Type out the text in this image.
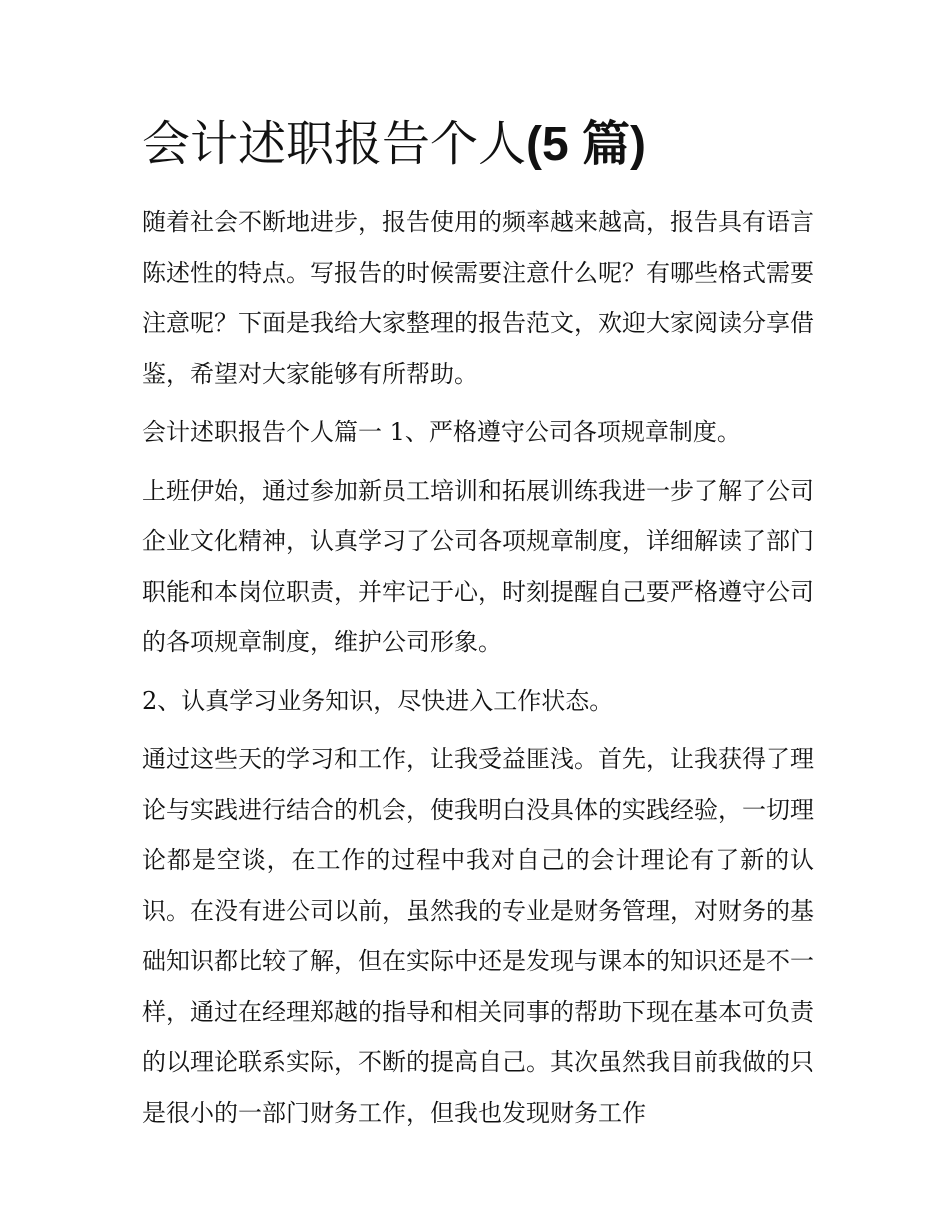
会计述职报告个人(5 篇)

随着社会不断地进步，报告使用的频率越来越高，报告具有语言陈述性的特点。写报告的时候需要注意什么呢？有哪些格式需要注意呢？下面是我给大家整理的报告范文，欢迎大家阅读分享借鉴，希望对大家能够有所帮助。

会计述职报告个人篇一 1、严格遵守公司各项规章制度。

上班伊始，通过参加新员工培训和拓展训练我进一步了解了公司企业文化精神，认真学习了公司各项规章制度，详细解读了部门职能和本岗位职责，并牢记于心，时刻提醒自己要严格遵守公司的各项规章制度，维护公司形象。

2、认真学习业务知识，尽快进入工作状态。

通过这些天的学习和工作，让我受益匪浅。首先，让我获得了理论与实践进行结合的机会，使我明白没具体的实践经验，一切理论都是空谈，在工作的过程中我对自己的会计理论有了新的认识。在没有进公司以前，虽然我的专业是财务管理，对财务的基础知识都比较了解，但在实际中还是发现与课本的知识还是不一样，通过在经理郑越的指导和相关同事的帮助下现在基本可负责的以理论联系实际，不断的提高自己。其次虽然我目前我做的只是很小的一部门财务工作，但我也发现财务工作
